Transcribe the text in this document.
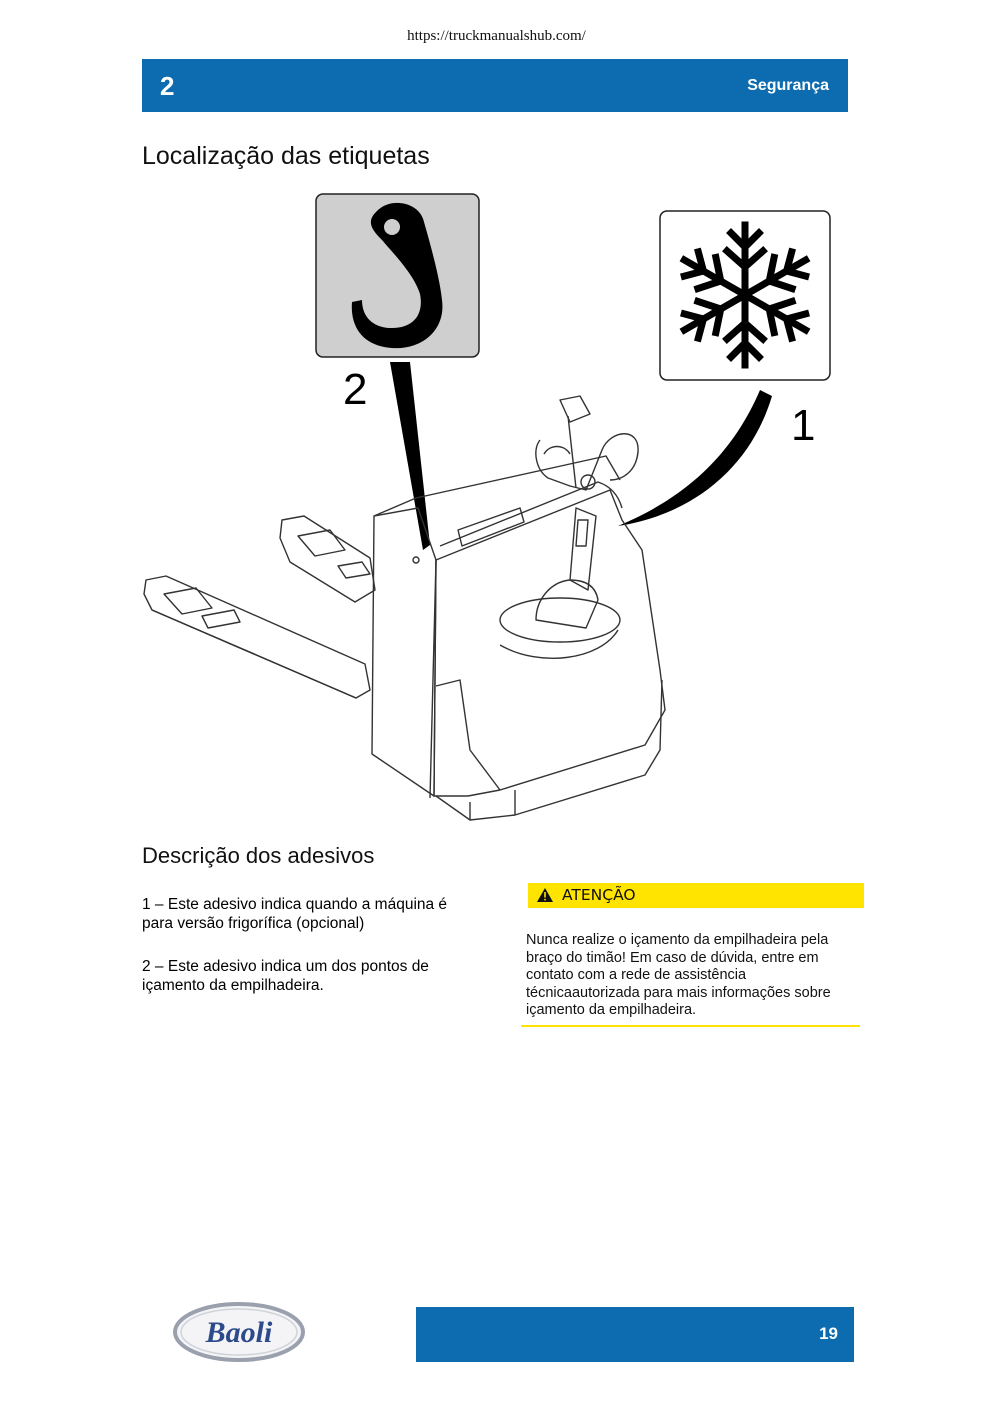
https://truckmanualshub.com/
2	Segurança
Localização das etiquetas
2
1
Descrição dos adesivos
1 – Este adesivo indica quando a máquina é para versão frigorífica (opcional)
2 – Este adesivo indica um dos pontos de içamento da empilhadeira.
ATENÇÃO
Nunca realize o içamento da empilhadeira pela braço do timão! Em caso de dúvida, entre em contato com a rede de assistência técnicaautorizada para mais informações sobre içamento da empilhadeira.
Baoli	19
